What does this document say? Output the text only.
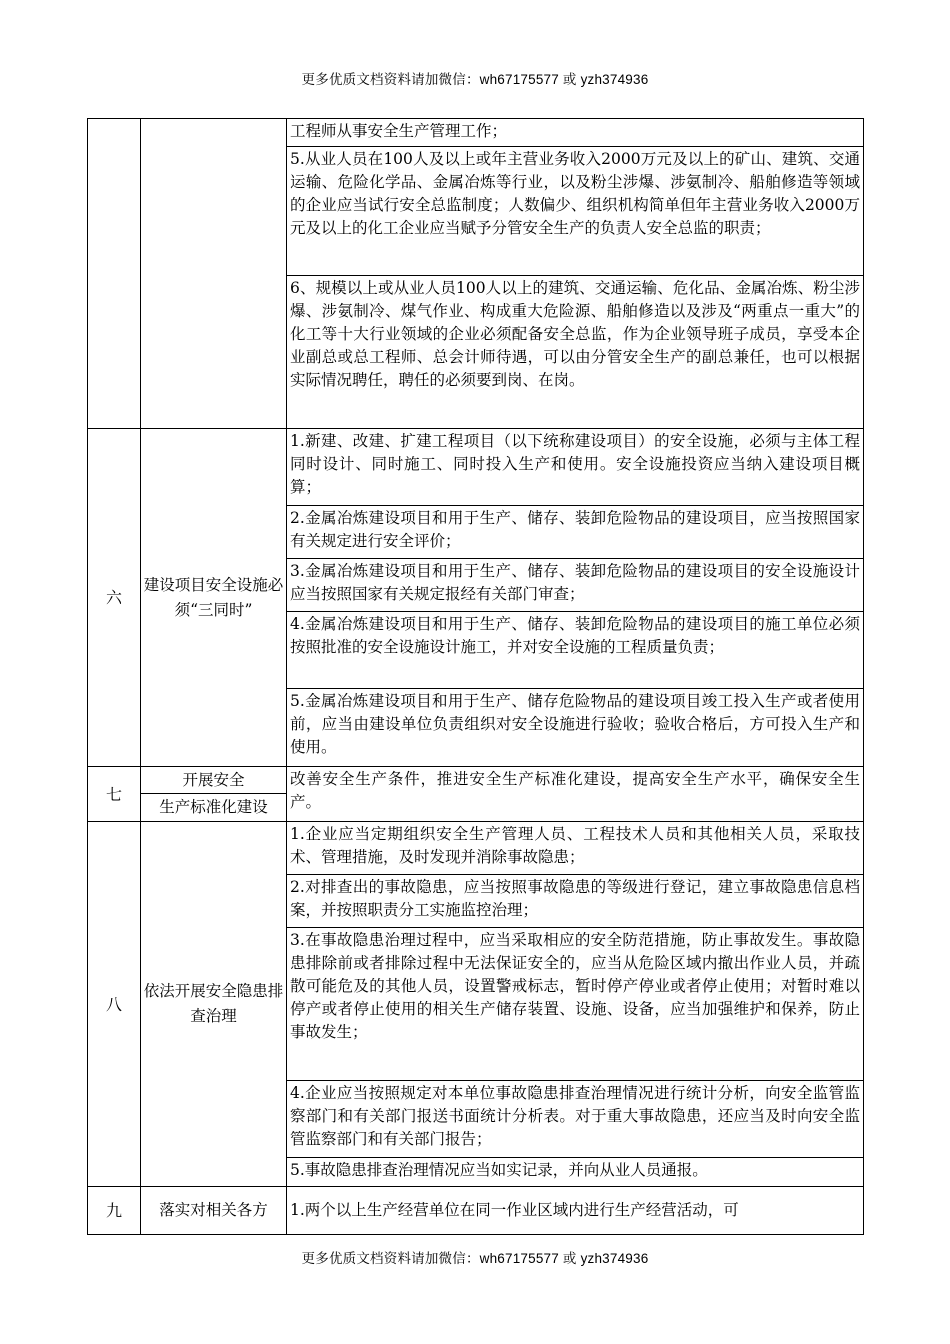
更多优质文档资料请加微信：wh67175577 或 yzh374936
		工程师从事安全生产管理工作；
		5.从业人员在100人及以上或年主营业务收入2000万元及以上的矿山、建筑、交通运输、危险化学品、金属冶炼等行业，以及粉尘涉爆、涉氨制冷、船舶修造等领域的企业应当试行安全总监制度；人数偏少、组织机构简单但年主营业务收入2000万元及以上的化工企业应当赋予分管安全生产的负责人安全总监的职责；
		6、规模以上或从业人员100人以上的建筑、交通运输、危化品、金属冶炼、粉尘涉爆、涉氨制冷、煤气作业、构成重大危险源、船舶修造以及涉及“两重点一重大”的化工等十大行业领域的企业必须配备安全总监，作为企业领导班子成员，享受本企业副总或总工程师、总会计师待遇，可以由分管安全生产的副总兼任，也可以根据实际情况聘任，聘任的必须要到岗、在岗。
六	建设项目安全设施必须“三同时”	1.新建、改建、扩建工程项目（以下统称建设项目）的安全设施，必须与主体工程同时设计、同时施工、同时投入生产和使用。安全设施投资应当纳入建设项目概算；
		2.金属冶炼建设项目和用于生产、储存、装卸危险物品的建设项目，应当按照国家有关规定进行安全评价；
		3.金属冶炼建设项目和用于生产、储存、装卸危险物品的建设项目的安全设施设计应当按照国家有关规定报经有关部门审查；
		4.金属冶炼建设项目和用于生产、储存、装卸危险物品的建设项目的施工单位必须按照批准的安全设施设计施工，并对安全设施的工程质量负责；
		5.金属冶炼建设项目和用于生产、储存危险物品的建设项目竣工投入生产或者使用前，应当由建设单位负责组织对安全设施进行验收；验收合格后，方可投入生产和使用。
七	开展安全
生产标准化建设	改善安全生产条件，推进安全生产标准化建设，提高安全生产水平，确保安全生产。
八	依法开展安全隐患排查治理	1.企业应当定期组织安全生产管理人员、工程技术人员和其他相关人员，采取技术、管理措施，及时发现并消除事故隐患；
		2.对排查出的事故隐患，应当按照事故隐患的等级进行登记，建立事故隐患信息档案，并按照职责分工实施监控治理；
		3.在事故隐患治理过程中，应当采取相应的安全防范措施，防止事故发生。事故隐患排除前或者排除过程中无法保证安全的，应当从危险区域内撤出作业人员，并疏散可能危及的其他人员，设置警戒标志，暂时停产停业或者停止使用；对暂时难以停产或者停止使用的相关生产储存装置、设施、设备，应当加强维护和保养，防止事故发生；
		4.企业应当按照规定对本单位事故隐患排查治理情况进行统计分析，向安全监管监察部门和有关部门报送书面统计分析表。对于重大事故隐患，还应当及时向安全监管监察部门和有关部门报告；
		5.事故隐患排查治理情况应当如实记录，并向从业人员通报。
九	落实对相关各方	1.两个以上生产经营单位在同一作业区域内进行生产经营活动，可
更多优质文档资料请加微信：wh67175577 或 yzh374936
